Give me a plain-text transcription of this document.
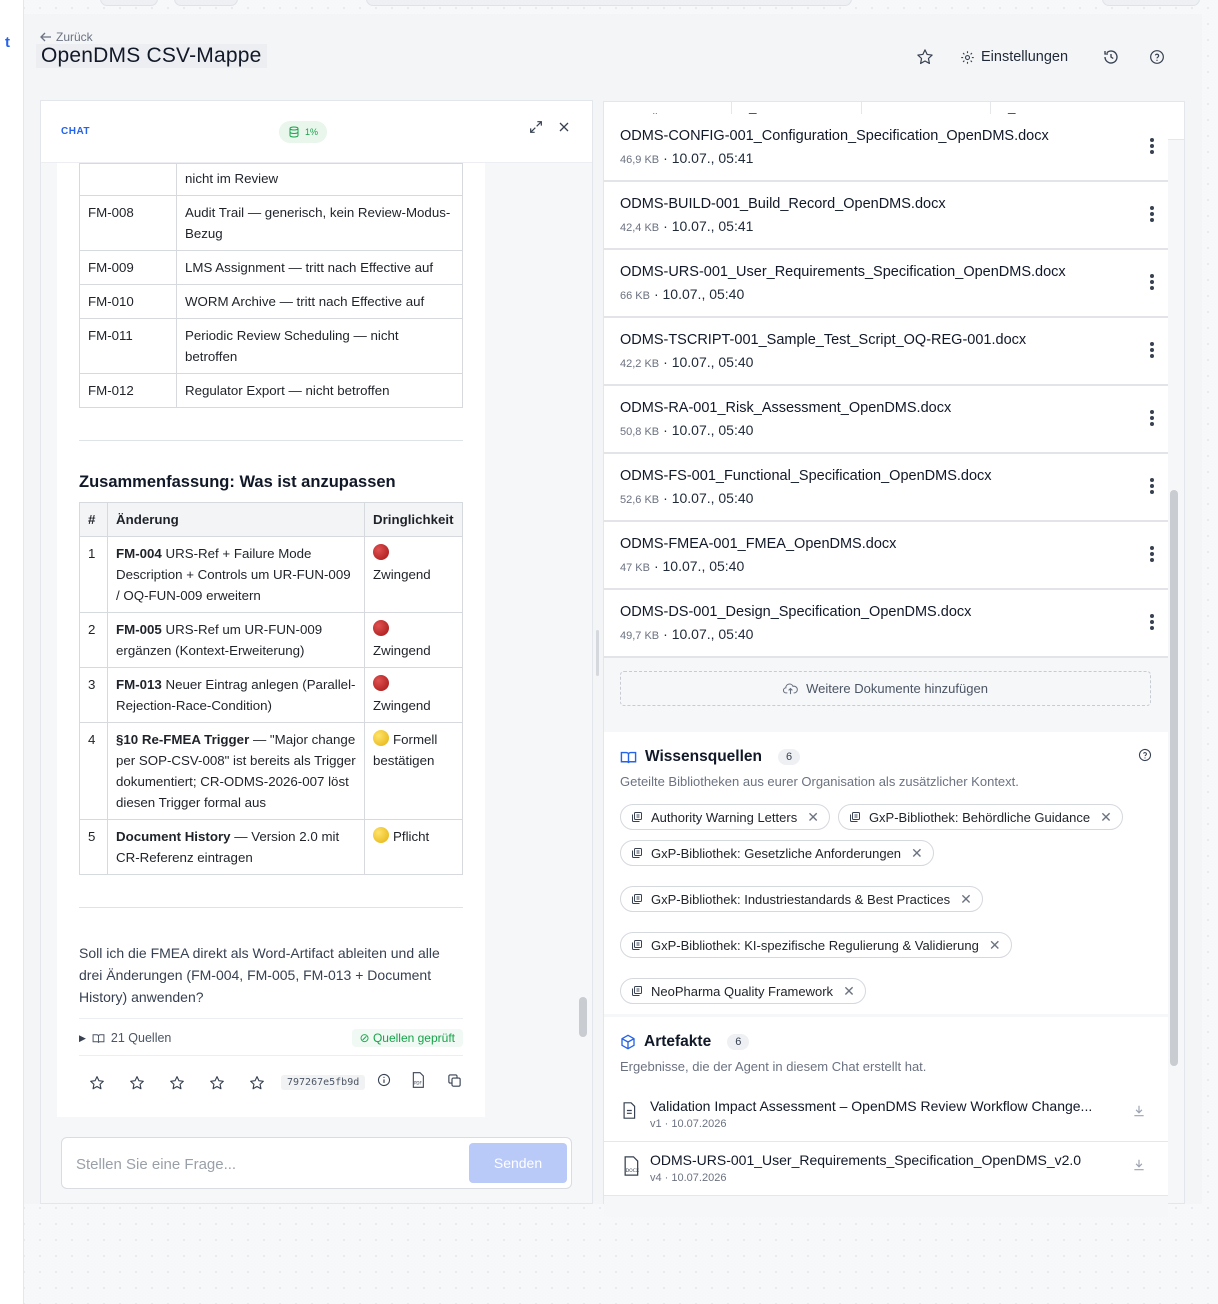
t	Zurück
OpenDMS CSV-Mappe	Einstellungen
CHAT	1%
	nicht im Review
FM-008	Audit Trail — generisch, kein Review-Modus-Bezug
FM-009	LMS Assignment — tritt nach Effective auf
FM-010	WORM Archive — tritt nach Effective auf
FM-011	Periodic Review Scheduling — nicht betroffen
FM-012	Regulator Export — nicht betroffen
Zusammenfassung: Was ist anzupassen
#	Änderung	Dringlichkeit
1	FM-004 URS-Ref + Failure Mode Description + Controls um UR-FUN-009 / OQ-FUN-009 erweitern	Zwingend
2	FM-005 URS-Ref um UR-FUN-009 ergänzen (Kontext-Erweiterung)	Zwingend
3	FM-013 Neuer Eintrag anlegen (Parallel-Rejection-Race-Condition)	Zwingend
4	§10 Re-FMEA Trigger — "Major change per SOP-CSV-008" ist bereits als Trigger dokumentiert; CR-ODMS-2026-007 löst diesen Trigger formal aus	Formell bestätigen
5	Document History — Version 2.0 mit CR-Referenz eintragen	Pflicht
Soll ich die FMEA direkt als Word-Artifact ableiten und alle drei Änderungen (FM-004, FM-005, FM-013 + Document History) anwenden?
▶ 21 Quellen	⊘ Quellen geprüft
797267e5fb9d	PDF
Stellen Sie eine Frage...
Senden
ODMS-CONFIG-001_Configuration_Specification_OpenDMS.docx
46,9 KB · 10.07., 05:41
ODMS-BUILD-001_Build_Record_OpenDMS.docx
42,4 KB · 10.07., 05:41
ODMS-URS-001_User_Requirements_Specification_OpenDMS.docx
66 KB · 10.07., 05:40
ODMS-TSCRIPT-001_Sample_Test_Script_OQ-REG-001.docx
42,2 KB · 10.07., 05:40
ODMS-RA-001_Risk_Assessment_OpenDMS.docx
50,8 KB · 10.07., 05:40
ODMS-FS-001_Functional_Specification_OpenDMS.docx
52,6 KB · 10.07., 05:40
ODMS-FMEA-001_FMEA_OpenDMS.docx
47 KB · 10.07., 05:40
ODMS-DS-001_Design_Specification_OpenDMS.docx
49,7 KB · 10.07., 05:40
Weitere Dokumente hinzufügen
Wissensquellen	6
Geteilte Bibliotheken aus eurer Organisation als zusätzlicher Kontext.
Authority Warning Letters ✕	GxP-Bibliothek: Behördliche Guidance ✕
GxP-Bibliothek: Gesetzliche Anforderungen ✕
GxP-Bibliothek: Industriestandards & Best Practices ✕
GxP-Bibliothek: KI-spezifische Regulierung & Validierung ✕
NeoPharma Quality Framework ✕
Artefakte	6
Ergebnisse, die der Agent in diesem Chat erstellt hat.
Validation Impact Assessment – OpenDMS Review Workflow Change...
v1 · 10.07.2026
DOCX
ODMS-URS-001_User_Requirements_Specification_OpenDMS_v2.0
v4 · 10.07.2026
